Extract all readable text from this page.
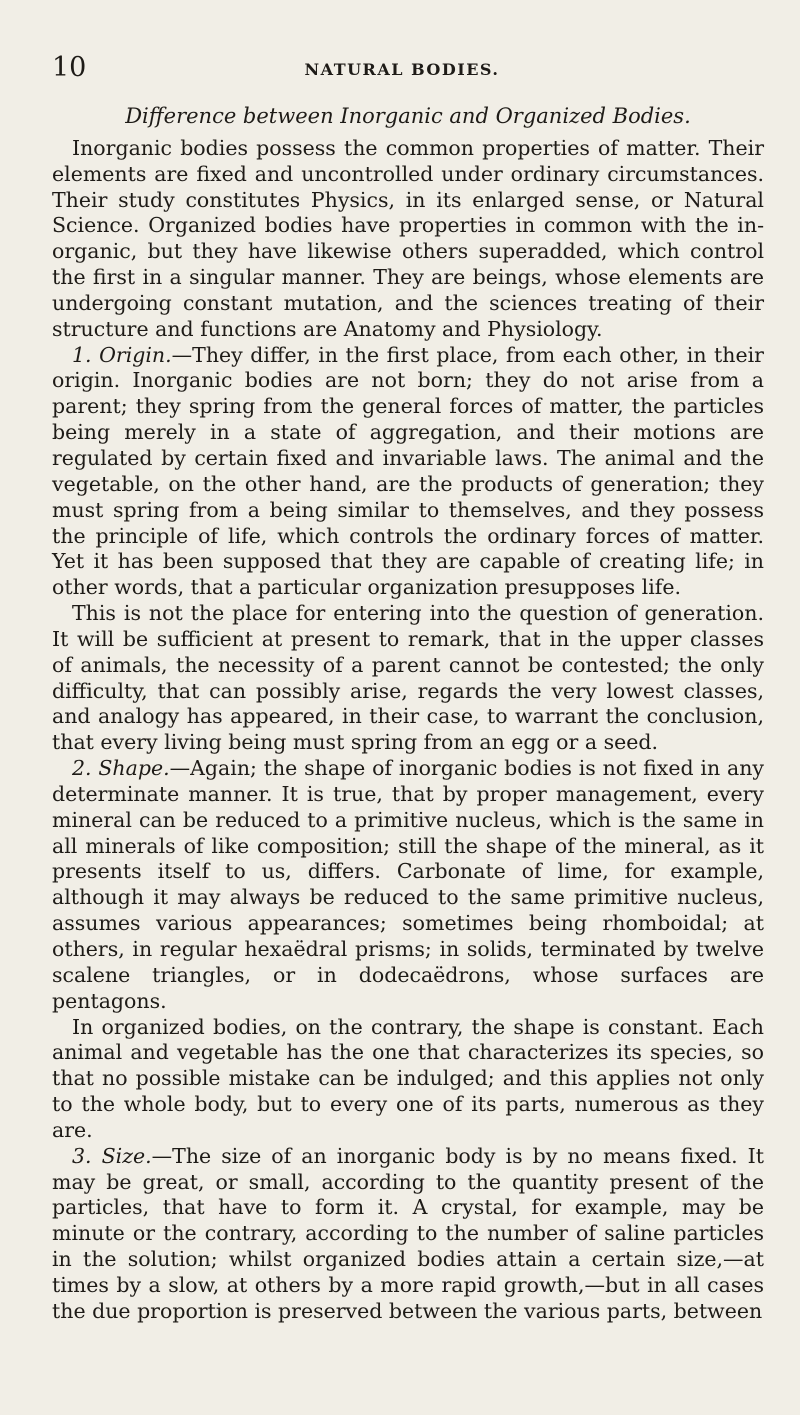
10	NATURAL BODIES.
Difference between Inorganic and Organized Bodies.

Inorganic bodies possess the common properties of matter. Their elements are fixed and uncontrolled under ordinary circumstances. Their study constitutes Physics, in its enlarged sense, or Natural Science. Organized bodies have properties in common with the in-organic, but they have likewise others superadded, which control the first in a singular manner. They are beings, whose elements are undergoing constant mutation, and the sciences treating of their structure and functions are Anatomy and Physiology.

1. Origin.—They differ, in the first place, from each other, in their origin. Inorganic bodies are not born; they do not arise from a parent; they spring from the general forces of matter, the particles being merely in a state of aggregation, and their motions are regulated by certain fixed and invariable laws. The animal and the vegetable, on the other hand, are the products of generation; they must spring from a being similar to themselves, and they possess the principle of life, which controls the ordinary forces of matter. Yet it has been supposed that they are capable of creating life; in other words, that a particular organization presupposes life.

This is not the place for entering into the question of generation. It will be sufficient at present to remark, that in the upper classes of animals, the necessity of a parent cannot be contested; the only difficulty, that can possibly arise, regards the very lowest classes, and analogy has appeared, in their case, to warrant the conclusion, that every living being must spring from an egg or a seed.

2. Shape.—Again; the shape of inorganic bodies is not fixed in any determinate manner. It is true, that by proper management, every mineral can be reduced to a primitive nucleus, which is the same in all minerals of like composition; still the shape of the mineral, as it presents itself to us, differs. Carbonate of lime, for example, although it may always be reduced to the same primitive nucleus, assumes various appearances; sometimes being rhomboidal; at others, in regular hexaëdral prisms; in solids, terminated by twelve scalene triangles, or in dodecaëdrons, whose surfaces are pentagons.

In organized bodies, on the contrary, the shape is constant. Each animal and vegetable has the one that characterizes its species, so that no possible mistake can be indulged; and this applies not only to the whole body, but to every one of its parts, numerous as they are.

3. Size.—The size of an inorganic body is by no means fixed. It may be great, or small, according to the quantity present of the particles, that have to form it. A crystal, for example, may be minute or the contrary, according to the number of saline particles in the solution; whilst organized bodies attain a certain size,—at times by a slow, at others by a more rapid growth,—but in all cases the due proportion is preserved between the various parts, between
